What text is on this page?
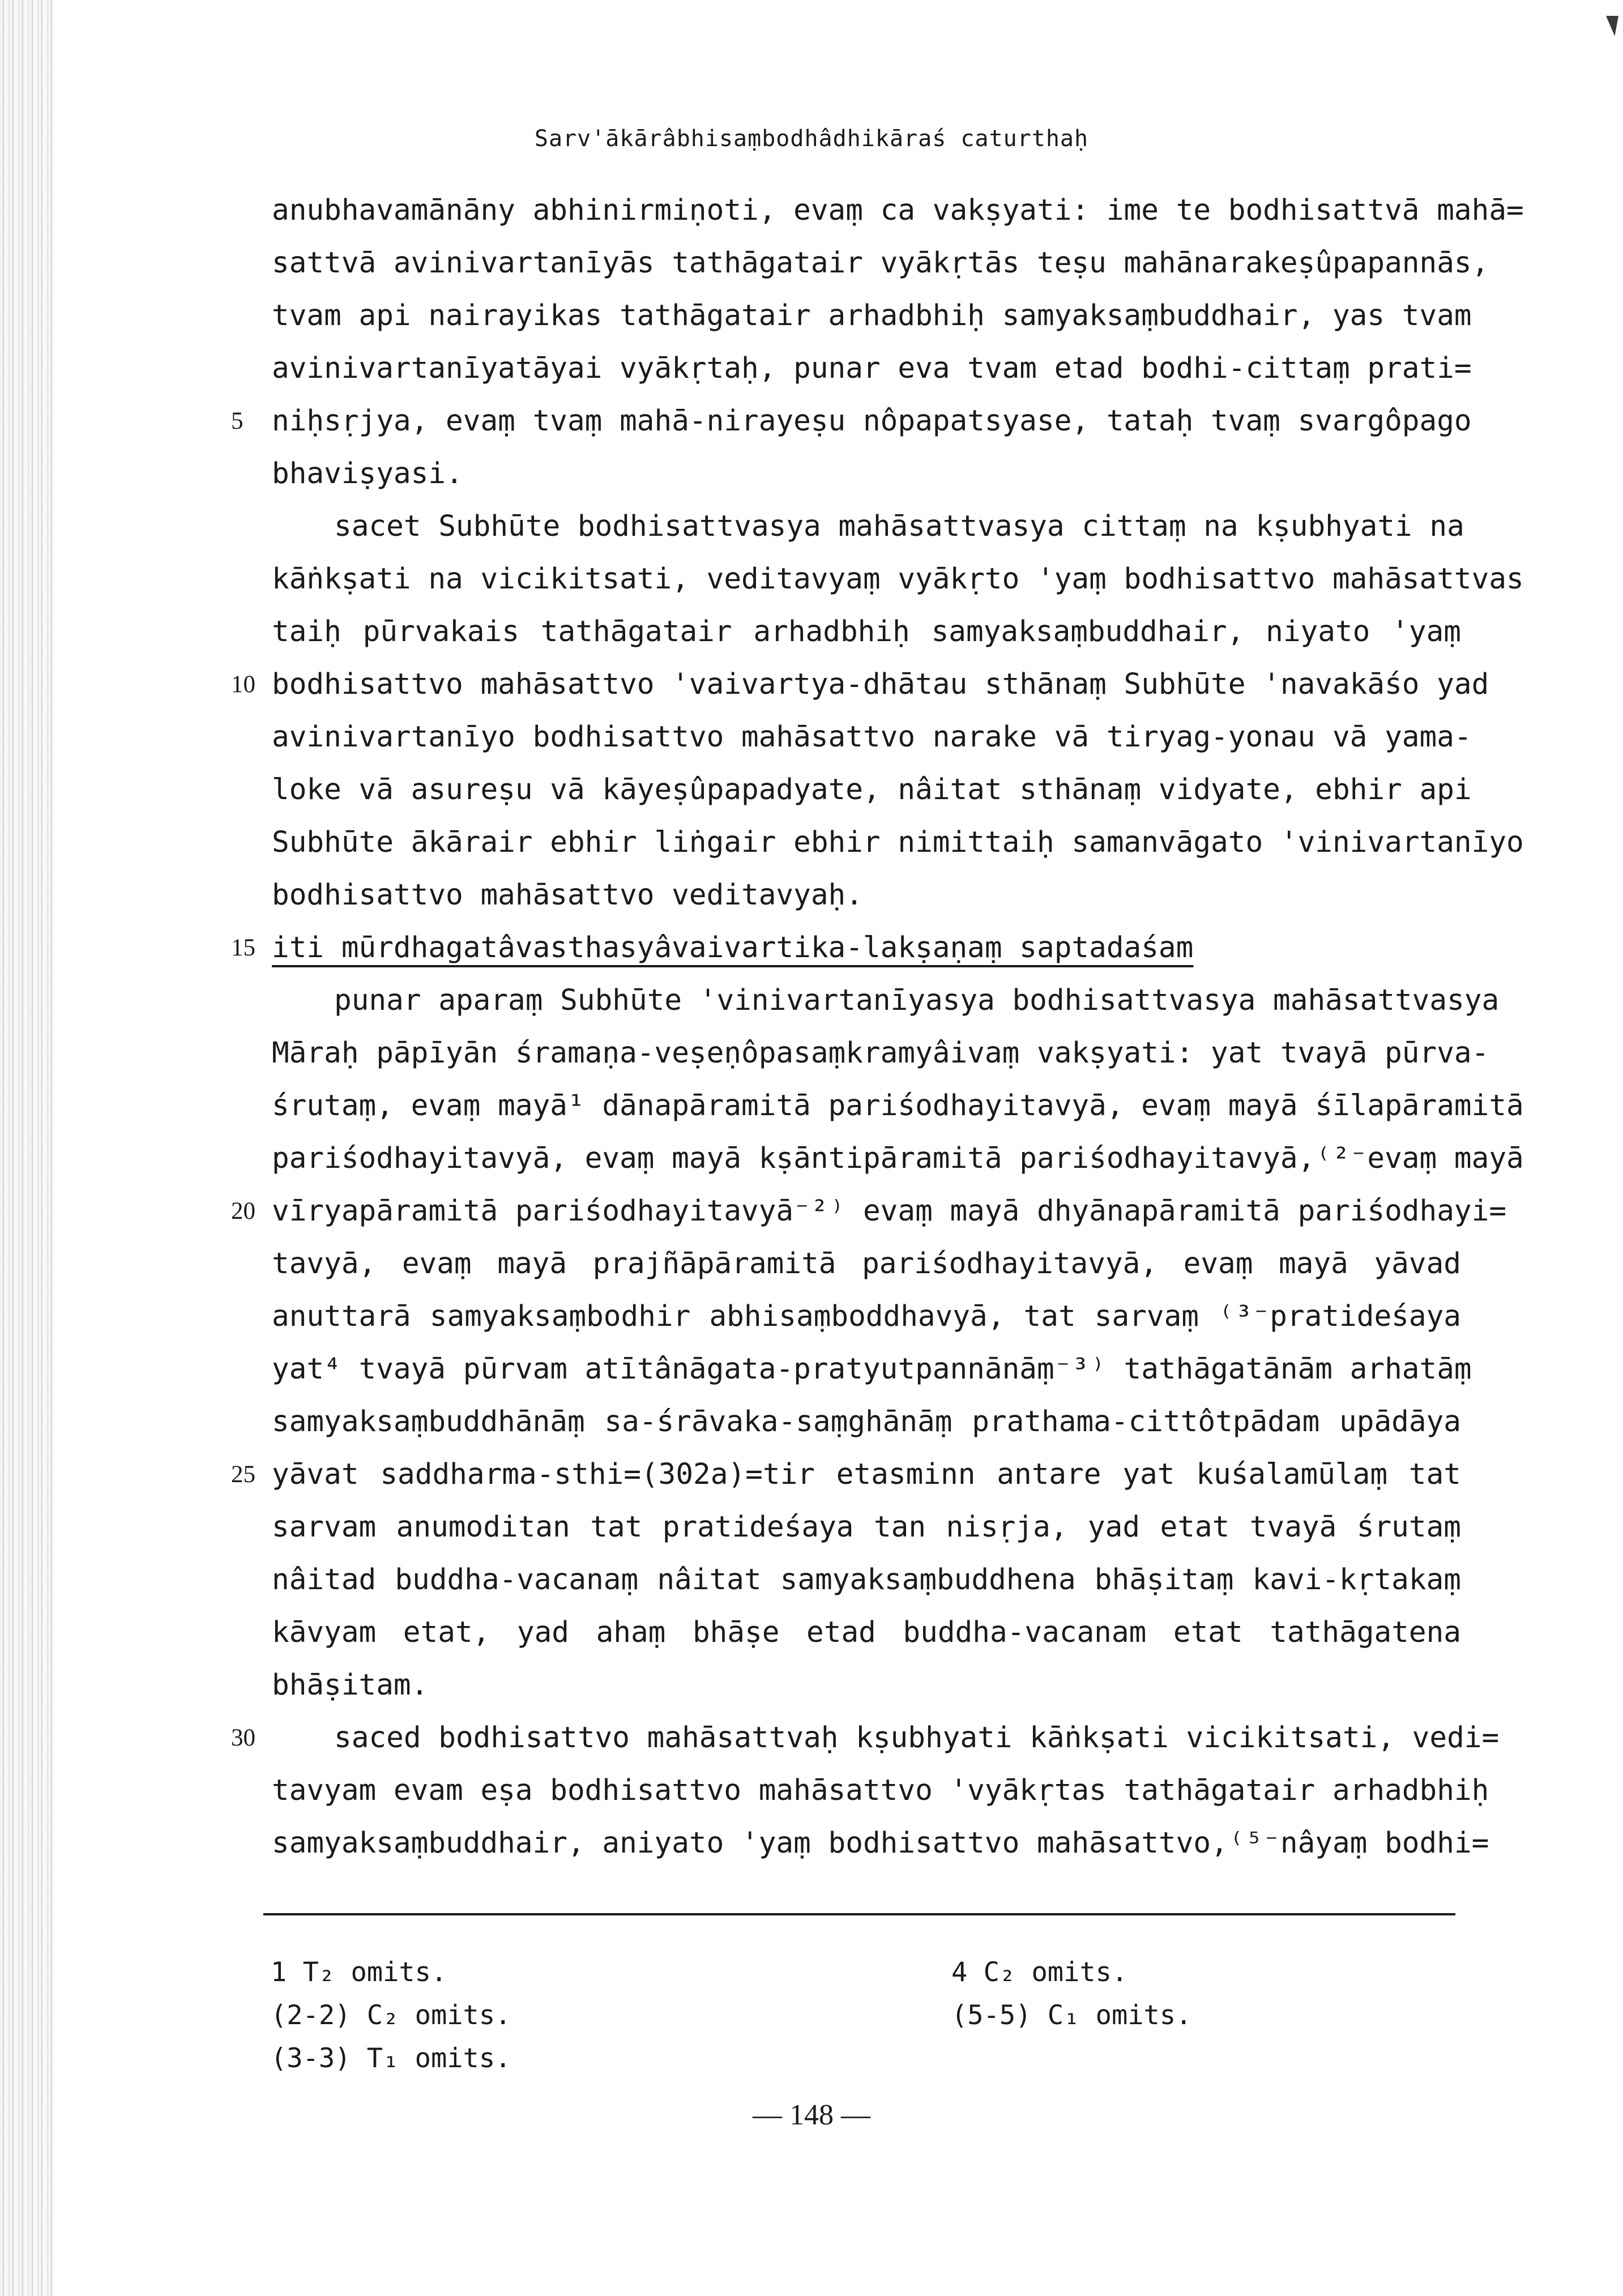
Sarv'ākārâbhisaṃbodhâdhikāraś caturthaḥ
anubhavamānāny abhinirmiṇoti, evaṃ ca vakṣyati: ime te bodhisattvā mahā=
sattvā avinivartanīyās tathāgatair vyākṛtās teṣu mahānarakeṣûpapannās,
tvam api nairayikas tathāgatair arhadbhiḥ samyaksaṃbuddhair, yas tvam
avinivartanīyatāyai vyākṛtaḥ, punar eva tvam etad bodhi-cittaṃ prati=
5 niḥsṛjya, evaṃ tvaṃ mahā-nirayeṣu nôpapatsyase, tataḥ tvaṃ svargôpago
bhaviṣyasi.
sacet Subhūte bodhisattvasya mahāsattvasya cittaṃ na kṣubhyati na
kāṅkṣati na vicikitsati, veditavyaṃ vyākṛto 'yaṃ bodhisattvo mahāsattvas
taiḥ pūrvakais tathāgatair arhadbhiḥ samyaksaṃbuddhair, niyato 'yaṃ
10 bodhisattvo mahāsattvo 'vaivartya-dhātau sthānaṃ Subhūte 'navakāśo yad
avinivartanīyo bodhisattvo mahāsattvo narake vā tiryag-yonau vā yama-
loke vā asureṣu vā kāyeṣûpapadyate, nâitat sthānaṃ vidyate, ebhir api
Subhūte ākārair ebhir liṅgair ebhir nimittaiḥ samanvāgato 'vinivartanīyo
bodhisattvo mahāsattvo veditavyaḥ.
15 iti mūrdhagatâvasthasyâvaivartika-lakṣaṇaṃ saptadaśam
punar aparaṃ Subhūte 'vinivartanīyasya bodhisattvasya mahāsattvasya
Māraḥ pāpīyān śramaṇa-veṣeṇôpasaṃkramyâivaṃ vakṣyati: yat tvayā pūrva-
śrutaṃ, evaṃ mayā¹ dānapāramitā pariśodhayitavyā, evaṃ mayā śīlapāramitā
pariśodhayitavyā, evaṃ mayā kṣāntipāramitā pariśodhayitavyā,⁽²⁻evaṃ mayā
20 vīryapāramitā pariśodhayitavyā⁻²⁾ evaṃ mayā dhyānapāramitā pariśodhayi=
tavyā, evaṃ mayā prajñāpāramitā pariśodhayitavyā, evaṃ mayā yāvad
anuttarā samyaksaṃbodhir abhisaṃboddhavyā, tat sarvaṃ ⁽³⁻pratideśaya
yat⁴ tvayā pūrvam atītânāgata-pratyutpannānāṃ⁻³⁾ tathāgatānām arhatāṃ
samyaksaṃbuddhānāṃ sa-śrāvaka-saṃghānāṃ prathama-cittôtpādam upādāya
25 yāvat saddharma-sthi=(302a)=tir etasminn antare yat kuśalamūlaṃ tat
sarvam anumoditan tat pratideśaya tan nisṛja, yad etat tvayā śrutaṃ
nâitad buddha-vacanaṃ nâitat samyaksaṃbuddhena bhāṣitaṃ kavi-kṛtakaṃ
kāvyam etat, yad ahaṃ bhāṣe etad buddha-vacanam etat tathāgatena
bhāṣitam.
30	saced bodhisattvo mahāsattvaḥ kṣubhyati kāṅkṣati vicikitsati, vedi=
tavyam evam eṣa bodhisattvo mahāsattvo 'vyākṛtas tathāgatair arhadbhiḥ
samyaksaṃbuddhair, aniyato 'yaṃ bodhisattvo mahāsattvo,⁽⁵⁻nâyaṃ bodhi=
1 T₂ omits.
(2-2) C₂ omits.
(3-3) T₁ omits.
4 C₂ omits.
(5-5) C₁ omits.
— 148 —
